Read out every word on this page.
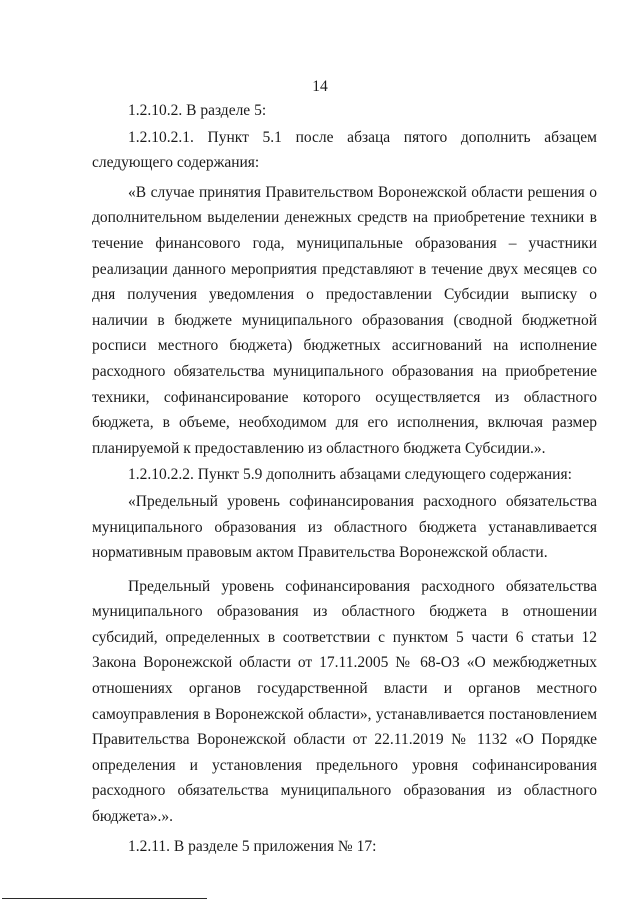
14

1.2.10.2. В разделе 5:

1.2.10.2.1. Пункт 5.1 после абзаца пятого дополнить абзацем следующего содержания:

«В случае принятия Правительством Воронежской области решения о дополнительном выделении денежных средств на приобретение техники в течение финансового года, муниципальные образования – участники реализации данного мероприятия представляют в течение двух месяцев со дня получения уведомления о предоставлении Субсидии выписку о наличии в бюджете муниципального образования (сводной бюджетной росписи местного бюджета) бюджетных ассигнований на исполнение расходного обязательства муниципального образования на приобретение техники, софинансирование которого осуществляется из областного бюджета, в объеме, необходимом для его исполнения, включая размер планируемой к предоставлению из областного бюджета Субсидии.».

1.2.10.2.2. Пункт 5.9 дополнить абзацами следующего содержания:

«Предельный уровень софинансирования расходного обязательства муниципального образования из областного бюджета устанавливается нормативным правовым актом Правительства Воронежской области.

Предельный уровень софинансирования расходного обязательства муниципального образования из областного бюджета в отношении субсидий, определенных в соответствии с пунктом 5 части 6 статьи 12 Закона Воронежской области от 17.11.2005 № 68-ОЗ «О межбюджетных отношениях органов государственной власти и органов местного самоуправления в Воронежской области», устанавливается постановлением Правительства Воронежской области от 22.11.2019 № 1132 «О Порядке определения и установления предельного уровня софинансирования расходного обязательства муниципального образования из областного бюджета».».

1.2.11. В разделе 5 приложения № 17:
